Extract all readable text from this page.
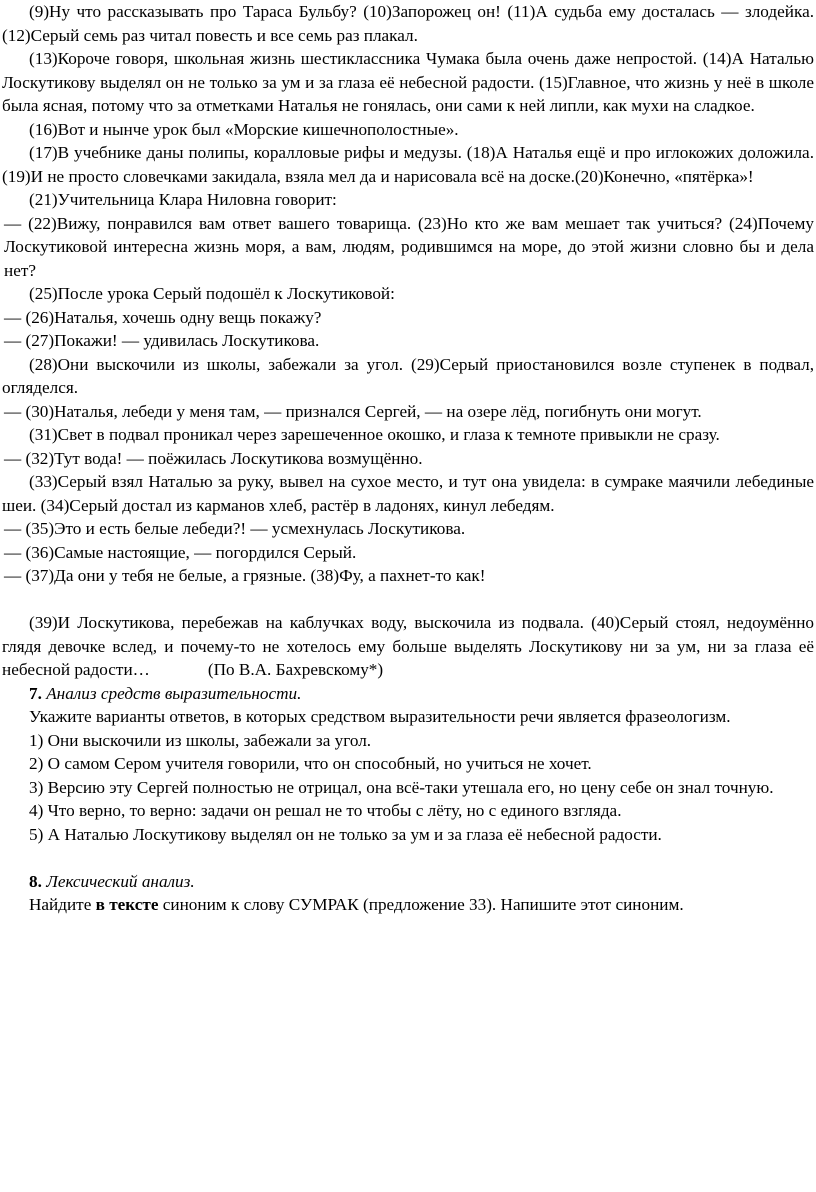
(9)Ну что рассказывать про Тараса Бульбу? (10)Запорожец он! (11)А судьба ему досталась — злодейка. (12)Серый семь раз читал повесть и все семь раз плакал.

(13)Короче говоря, школьная жизнь шестиклассника Чумака была очень даже непростой. (14)А Наталью Лоскутикову выделял он не только за ум и за глаза её небесной радости. (15)Главное, что жизнь у неё в школе была ясная, потому что за отметками Наталья не гонялась, они сами к ней липли, как мухи на сладкое.

(16)Вот и нынче урок был «Морские кишечнополостные».

(17)В учебнике даны полипы, коралловые рифы и медузы. (18)А Наталья ещё и про иглокожих доложила. (19)И не просто словечками закидала, взяла мел да и нарисовала всё на доске.(20)Конечно, «пятёрка»!

(21)Учительница Клара Ниловна говорит:

— (22)Вижу, понравился вам ответ вашего товарища. (23)Но кто же вам мешает так учиться? (24)Почему Лоскутиковой интересна жизнь моря, а вам, людям, родившимся на море, до этой жизни словно бы и дела нет?

(25)После урока Серый подошёл к Лоскутиковой:

— (26)Наталья, хочешь одну вещь покажу?

— (27)Покажи! — удивилась Лоскутикова.

(28)Они выскочили из школы, забежали за угол. (29)Серый приостановился возле ступенек в подвал, огляделся.

— (30)Наталья, лебеди у меня там, — признался Сергей, — на озере лёд, погибнуть они могут.

(31)Свет в подвал проникал через зарешеченное окошко, и глаза к темноте привыкли не сразу.

— (32)Тут вода! — поёжилась Лоскутикова возмущённо.

(33)Серый взял Наталью за руку, вывел на сухое место, и тут она увидела: в сумраке маячили лебединые шеи. (34)Серый достал из карманов хлеб, растёр в ладонях, кинул лебедям.

— (35)Это и есть белые лебеди?! — усмехнулась Лоскутикова.

— (36)Самые настоящие, — погордился Серый.

— (37)Да они у тебя не белые, а грязные. (38)Фу, а пахнет-то как!

(39)И Лоскутикова, перебежав на каблучках воду, выскочила из подвала. (40)Серый стоял, недоумённо глядя девочке вслед, и почему-то не хотелось ему больше выделять Лоскутикову ни за ум, ни за глаза её небесной радости…	(По В.А. Бахревскому*)

7. Анализ средств выразительности.

Укажите варианты ответов, в которых средством выразительности речи является фразеологизм.

1) Они выскочили из школы, забежали за угол.

2) О самом Сером учителя говорили, что он способный, но учиться не хочет.

3) Версию эту Сергей полностью не отрицал, она всё-таки утешала его, но цену себе он знал точную.

4) Что верно, то верно: задачи он решал не то чтобы с лёту, но с единого взгляда.

5) А Наталью Лоскутикову выделял он не только за ум и за глаза её небесной радости.

8. Лексический анализ.

Найдите в тексте синоним к слову СУМРАК (предложение 33). Напишите этот синоним.
